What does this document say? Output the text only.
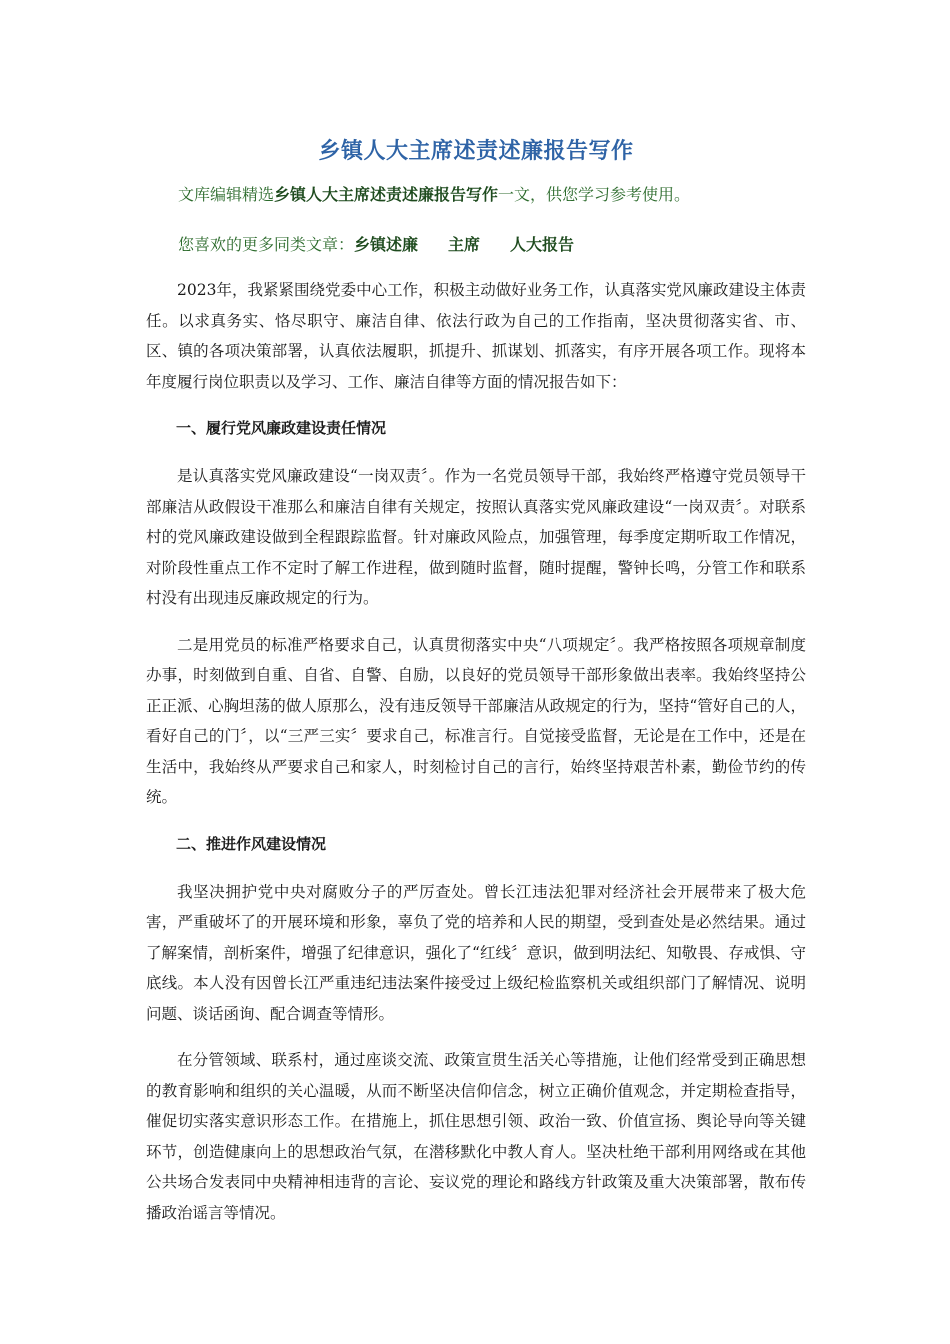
乡镇人大主席述责述廉报告写作
文库编辑精选乡镇人大主席述责述廉报告写作一文，供您学习参考使用。
您喜欢的更多同类文章：乡镇述廉 主席 人大报告

2023年，我紧紧围绕党委中心工作，积极主动做好业务工作，认真落实党风廉政建设主体责任。以求真务实、恪尽职守、廉洁自律、依法行政为自己的工作指南，坚决贯彻落实省、市、区、镇的各项决策部署，认真依法履职，抓提升、抓谋划、抓落实，有序开展各项工作。现将本年度履行岗位职责以及学习、工作、廉洁自律等方面的情况报告如下：

一、履行党风廉政建设责任情况

是认真落实党风廉政建设“一岗双责〞。作为一名党员领导干部，我始终严格遵守党员领导干部廉洁从政假设干准那么和廉洁自律有关规定，按照认真落实党风廉政建设“一岗双责〞。对联系村的党风廉政建设做到全程跟踪监督。针对廉政风险点，加强管理，每季度定期听取工作情况，对阶段性重点工作不定时了解工作进程，做到随时监督，随时提醒，警钟长鸣，分管工作和联系村没有出现违反廉政规定的行为。

二是用党员的标准严格要求自己，认真贯彻落实中央“八项规定〞。我严格按照各项规章制度办事，时刻做到自重、自省、自警、自励，以良好的党员领导干部形象做出表率。我始终坚持公正正派、心胸坦荡的做人原那么，没有违反领导干部廉洁从政规定的行为，坚持“管好自己的人，看好自己的门〞，以“三严三实〞要求自己，标准言行。自觉接受监督，无论是在工作中，还是在生活中，我始终从严要求自己和家人，时刻检讨自己的言行，始终坚持艰苦朴素，勤俭节约的传统。

二、推进作风建设情况

我坚决拥护党中央对腐败分子的严厉查处。曾长江违法犯罪对经济社会开展带来了极大危害，严重破坏了的开展环境和形象，辜负了党的培养和人民的期望，受到查处是必然结果。通过了解案情，剖析案件，增强了纪律意识，强化了“红线〞意识，做到明法纪、知敬畏、存戒惧、守底线。本人没有因曾长江严重违纪违法案件接受过上级纪检监察机关或组织部门了解情况、说明问题、谈话函询、配合调查等情形。

在分管领域、联系村，通过座谈交流、政策宣贯生活关心等措施，让他们经常受到正确思想的教育影响和组织的关心温暖，从而不断坚决信仰信念，树立正确价值观念，并定期检查指导，催促切实落实意识形态工作。在措施上，抓住思想引领、政治一致、价值宣扬、舆论导向等关键环节，创造健康向上的思想政治气氛，在潜移默化中教人育人。坚决杜绝干部利用网络或在其他公共场合发表同中央精神相违背的言论、妄议党的理论和路线方针政策及重大决策部署，散布传播政治谣言等情况。
